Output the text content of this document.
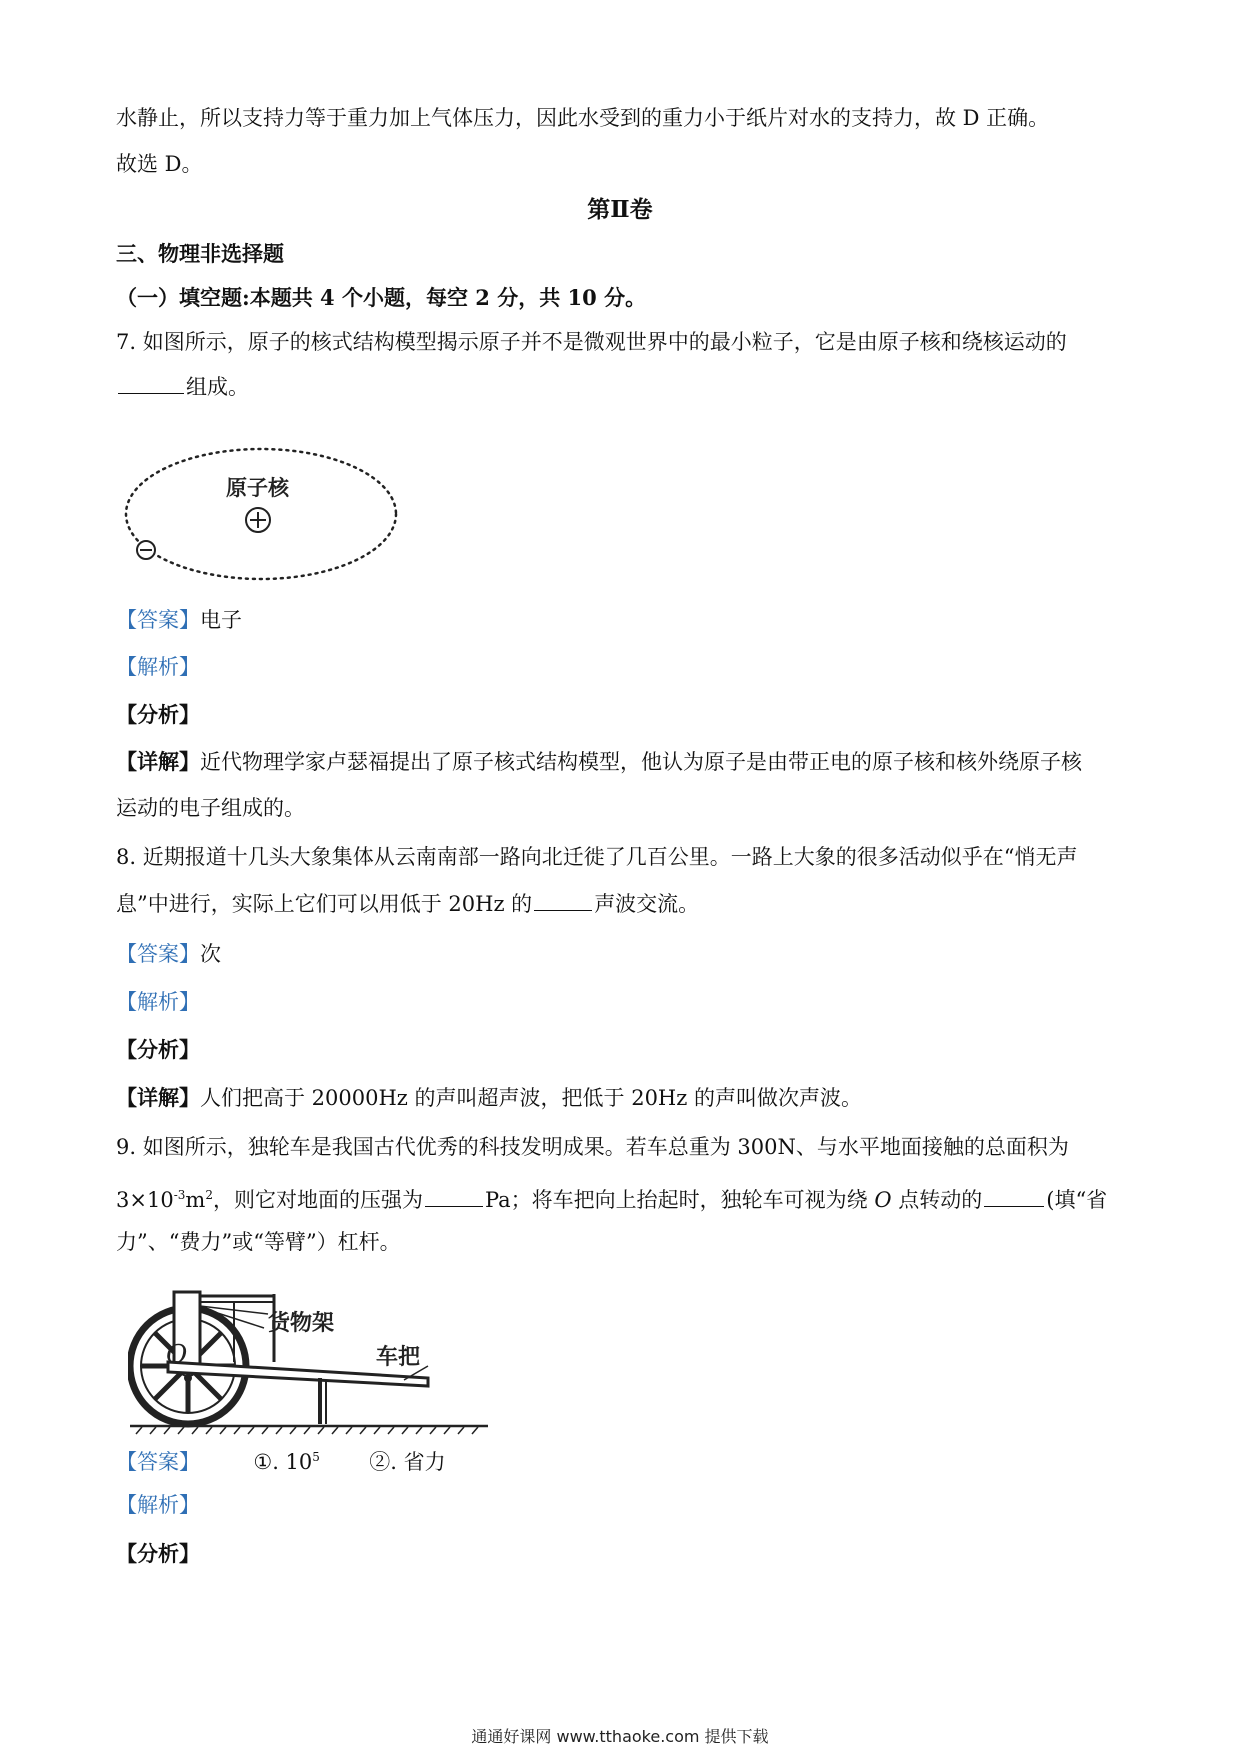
水静止，所以支持力等于重力加上气体压力，因此水受到的重力小于纸片对水的支持力，故 D 正确。
故选 D。
第Ⅱ卷
三、物理非选择题
（一）填空题:本题共 4 个小题，每空 2 分，共 10 分。
7. 如图所示，原子的核式结构模型揭示原子并不是微观世界中的最小粒子，它是由原子核和绕核运动的
组成。
原子核
【答案】电子
【解析】
【分析】
【详解】近代物理学家卢瑟福提出了原子核式结构模型，他认为原子是由带正电的原子核和核外绕原子核
运动的电子组成的。
8. 近期报道十几头大象集体从云南南部一路向北迁徙了几百公里。一路上大象的很多活动似乎在“悄无声
息”中进行，实际上它们可以用低于 20Hz 的	声波交流。
【答案】次
【解析】
【分析】
【详解】人们把高于 20000Hz 的声叫超声波，把低于 20Hz 的声叫做次声波。
9. 如图所示，独轮车是我国古代优秀的科技发明成果。若车总重为 300N、与水平地面接触的总面积为
$3\times 10^{-3}m^2$，则它对地面的压强为	Pa；将车把向上抬起时，独轮车可视为绕 O 点转动的	(填“省
力”、“费力”或“等臂”）杠杆。
O
货物架
车把
【答案】	①. $10^5$ ②. 省力
【解析】
【分析】
通通好课网 www.tthaoke.com 提供下载
